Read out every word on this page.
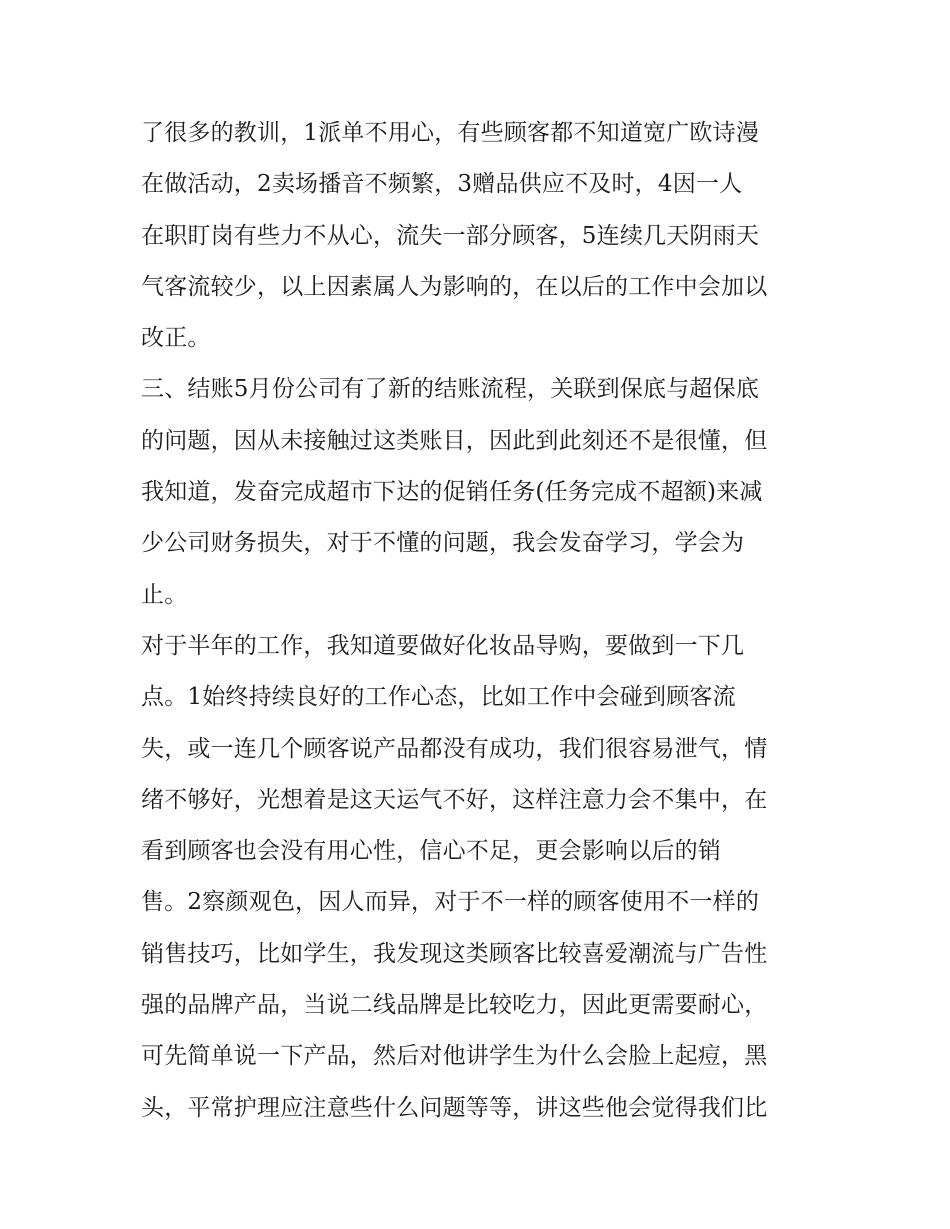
了很多的教训，1派单不用心，有些顾客都不知道宽广欧诗漫
在做活动，2卖场播音不频繁，3赠品供应不及时，4因一人
在职盯岗有些力不从心，流失一部分顾客，5连续几天阴雨天
气客流较少，以上因素属人为影响的，在以后的工作中会加以
改正。
三、结账5月份公司有了新的结账流程，关联到保底与超保底
的问题，因从未接触过这类账目，因此到此刻还不是很懂，但
我知道，发奋完成超市下达的促销任务(任务完成不超额)来减
少公司财务损失，对于不懂的问题，我会发奋学习，学会为
止。
对于半年的工作，我知道要做好化妆品导购，要做到一下几
点。1始终持续良好的工作心态，比如工作中会碰到顾客流
失，或一连几个顾客说产品都没有成功，我们很容易泄气，情
绪不够好，光想着是这天运气不好，这样注意力会不集中，在
看到顾客也会没有用心性，信心不足，更会影响以后的销
售。2察颜观色，因人而异，对于不一样的顾客使用不一样的
销售技巧，比如学生，我发现这类顾客比较喜爱潮流与广告性
强的品牌产品，当说二线品牌是比较吃力，因此更需要耐心，
可先简单说一下产品，然后对他讲学生为什么会脸上起痘，黑
头，平常护理应注意些什么问题等等，讲这些他会觉得我们比
